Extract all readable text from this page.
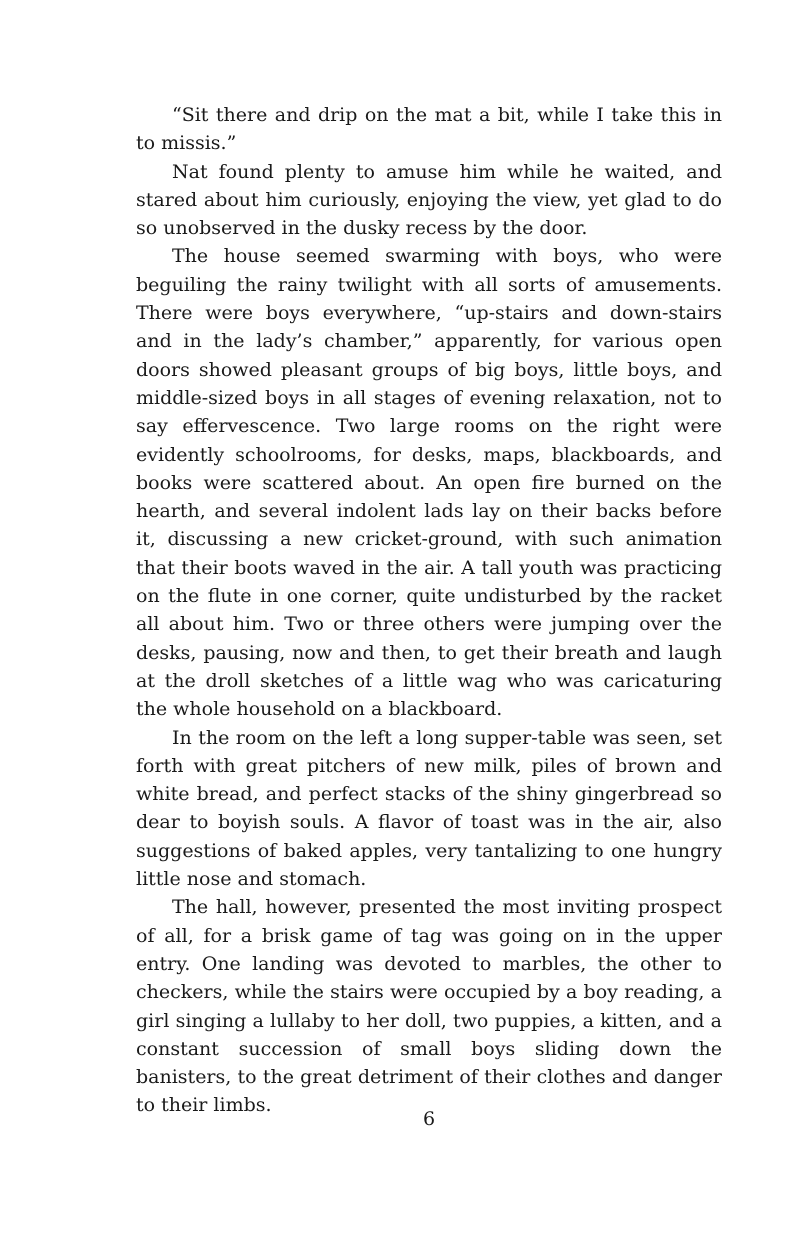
“Sit there and drip on the mat a bit, while I take this in to missis.”

Nat found plenty to amuse him while he waited, and stared about him curiously, enjoying the view, yet glad to do so unobserved in the dusky recess by the door.

The house seemed swarming with boys, who were beguiling the rainy twilight with all sorts of amusements. There were boys everywhere, “up-stairs and down-stairs and in the lady’s chamber,” apparently, for various open doors showed pleasant groups of big boys, little boys, and middle-sized boys in all stages of evening relaxation, not to say effervescence. Two large rooms on the right were evidently schoolrooms, for desks, maps, blackboards, and books were scattered about. An open fire burned on the hearth, and several indolent lads lay on their backs before it, discussing a new cricket-ground, with such animation that their boots waved in the air. A tall youth was practicing on the flute in one corner, quite undisturbed by the racket all about him. Two or three others were jumping over the desks, pausing, now and then, to get their breath and laugh at the droll sketches of a little wag who was caricaturing the whole household on a blackboard.

In the room on the left a long supper-table was seen, set forth with great pitchers of new milk, piles of brown and white bread, and perfect stacks of the shiny gingerbread so dear to boyish souls. A flavor of toast was in the air, also suggestions of baked apples, very tantalizing to one hungry little nose and stomach.

The hall, however, presented the most inviting prospect of all, for a brisk game of tag was going on in the upper entry. One landing was devoted to marbles, the other to checkers, while the stairs were occupied by a boy reading, a girl singing a lullaby to her doll, two puppies, a kitten, and a constant succession of small boys sliding down the banisters, to the great detriment of their clothes and danger to their limbs.

6
